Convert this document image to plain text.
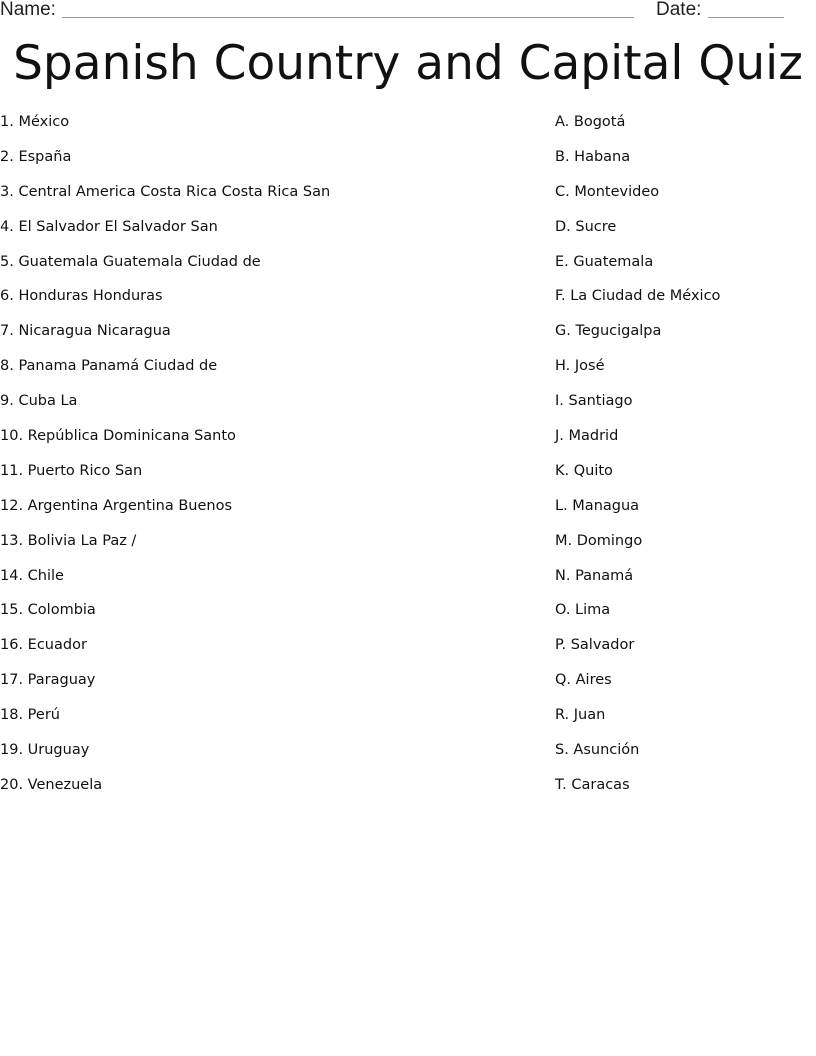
Name:	Date:
Spanish Country and Capital Quiz
1. México
2. España
3. Central America Costa Rica Costa Rica San
4. El Salvador El Salvador San
5. Guatemala Guatemala Ciudad de
6. Honduras Honduras
7. Nicaragua Nicaragua
8. Panama Panamá Ciudad de
9. Cuba La
10. República Dominicana Santo
11. Puerto Rico San
12. Argentina Argentina Buenos
13. Bolivia La Paz /
14. Chile
15. Colombia
16. Ecuador
17. Paraguay
18. Perú
19. Uruguay
20. Venezuela
A. Bogotá
B. Habana
C. Montevideo
D. Sucre
E. Guatemala
F. La Ciudad de México
G. Tegucigalpa
H. José
I. Santiago
J. Madrid
K. Quito
L. Managua
M. Domingo
N. Panamá
O. Lima
P. Salvador
Q. Aires
R. Juan
S. Asunción
T. Caracas
